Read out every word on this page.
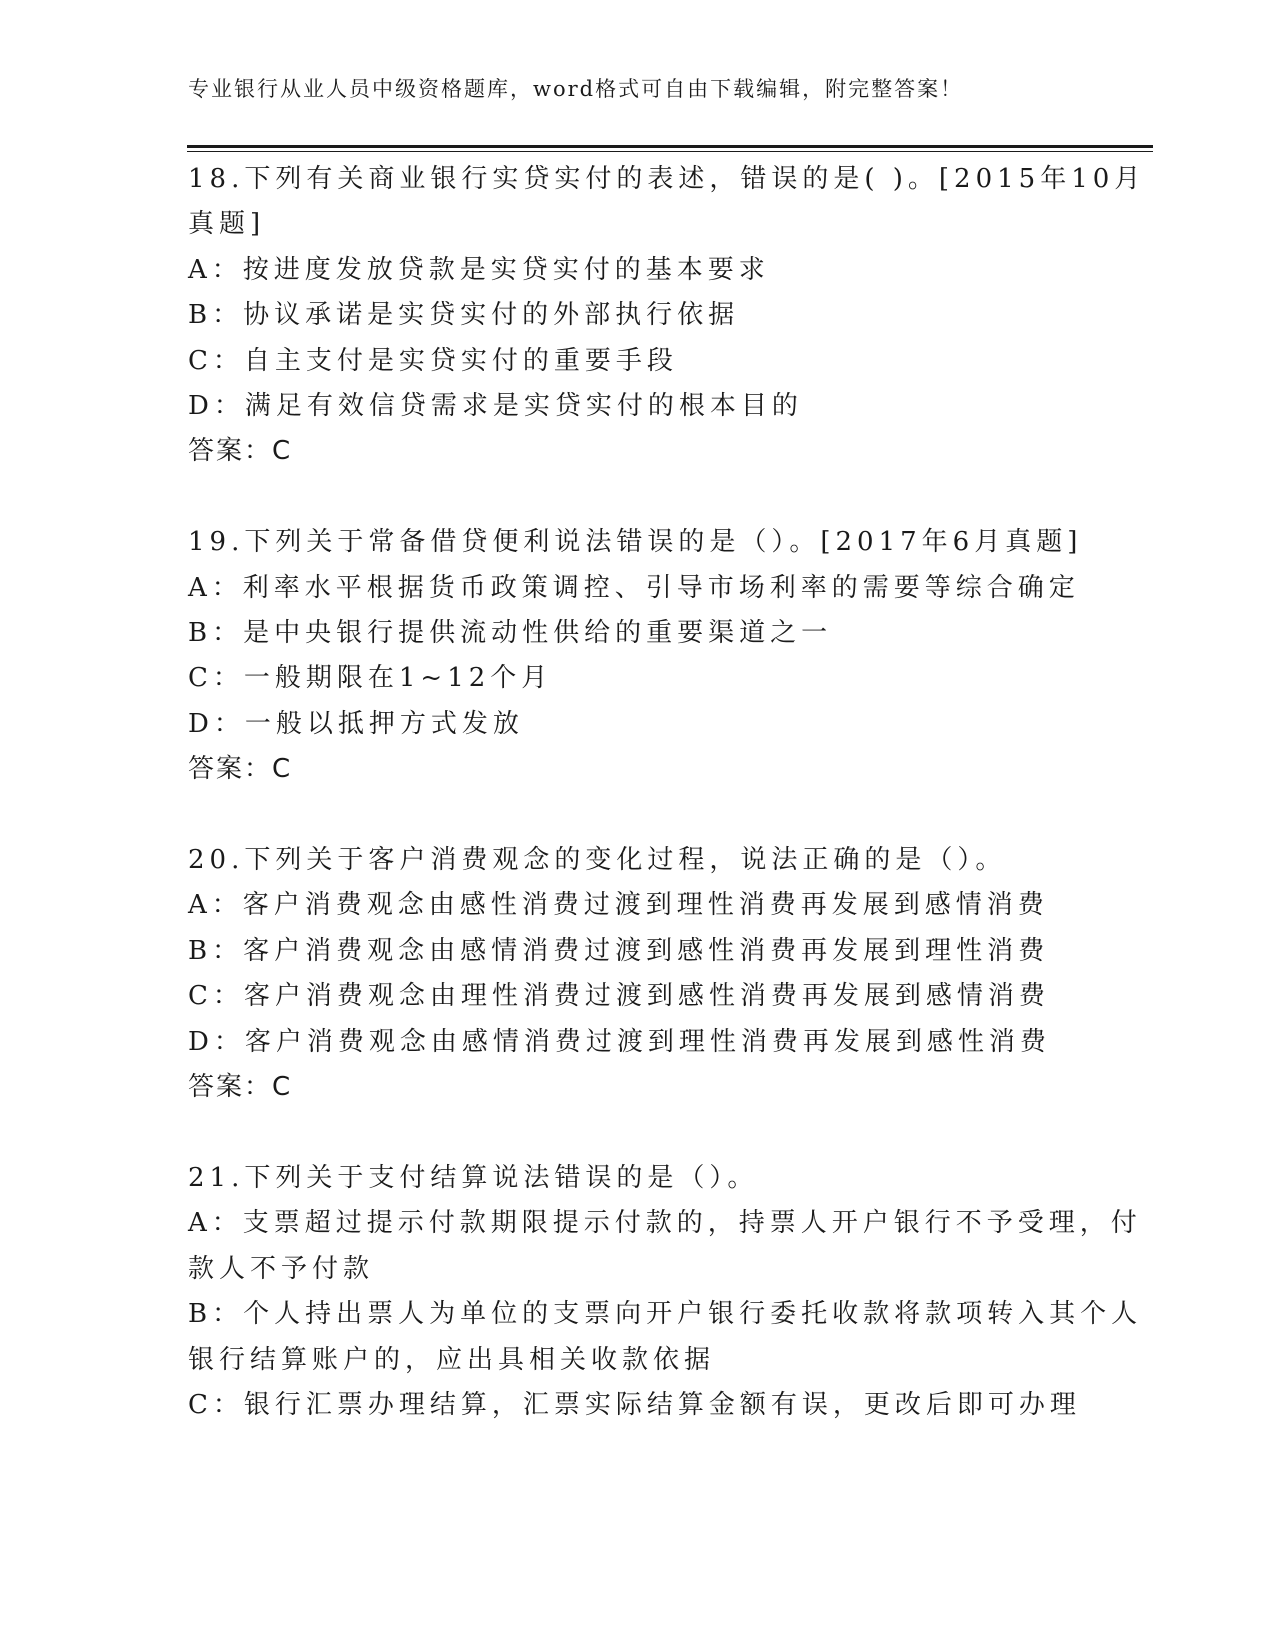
专业银行从业人员中级资格题库，word格式可自由下载编辑，附完整答案！
18.下列有关商业银行实贷实付的表述，错误的是( )。[2015年10月
真题]
A：按进度发放贷款是实贷实付的基本要求
B：协议承诺是实贷实付的外部执行依据
C：自主支付是实贷实付的重要手段
D：满足有效信贷需求是实贷实付的根本目的
答案：C
19.下列关于常备借贷便利说法错误的是（）。[2017年6月真题]
A：利率水平根据货币政策调控、引导市场利率的需要等综合确定
B：是中央银行提供流动性供给的重要渠道之一
C：一般期限在1~12个月
D：一般以抵押方式发放
答案：C
20.下列关于客户消费观念的变化过程，说法正确的是（）。
A：客户消费观念由感性消费过渡到理性消费再发展到感情消费
B：客户消费观念由感情消费过渡到感性消费再发展到理性消费
C：客户消费观念由理性消费过渡到感性消费再发展到感情消费
D：客户消费观念由感情消费过渡到理性消费再发展到感性消费
答案：C
21.下列关于支付结算说法错误的是（）。
A：支票超过提示付款期限提示付款的，持票人开户银行不予受理，付
款人不予付款
B：个人持出票人为单位的支票向开户银行委托收款将款项转入其个人
银行结算账户的，应出具相关收款依据
C：银行汇票办理结算，汇票实际结算金额有误，更改后即可办理
